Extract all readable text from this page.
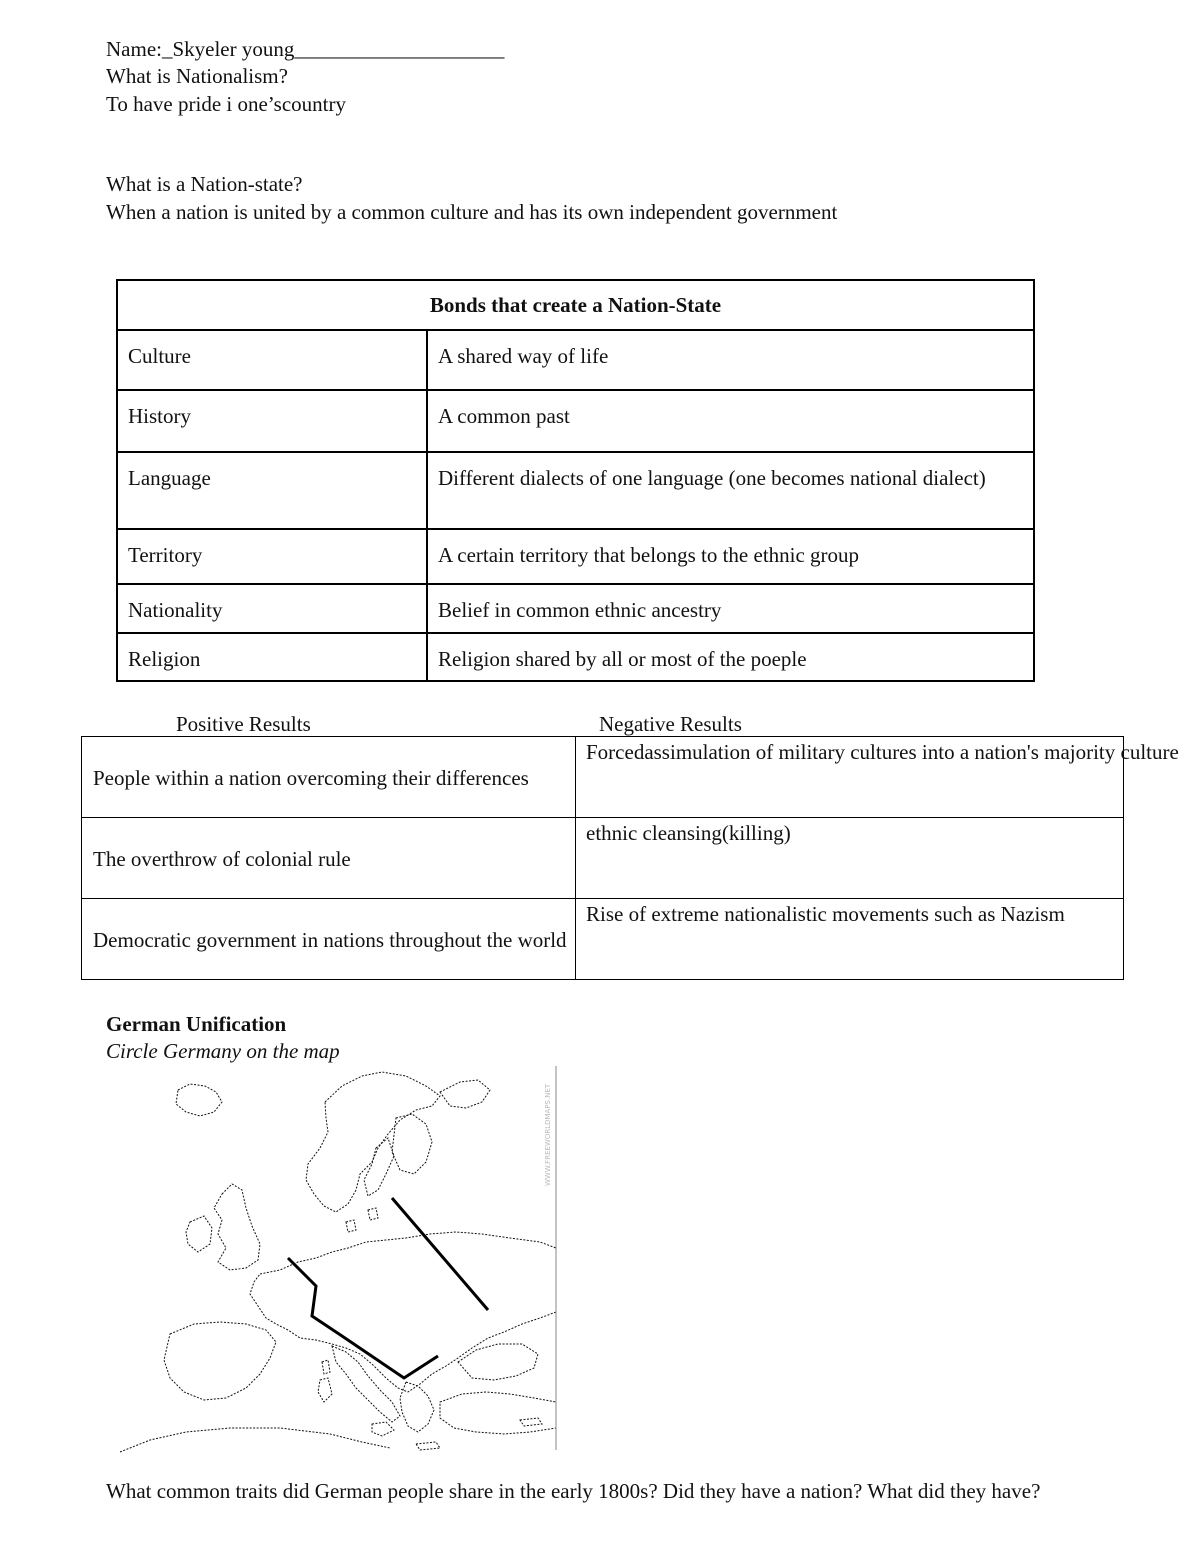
Name:_Skyeler young____________________
What is Nationalism?
To have pride i one’scountry
What is a Nation-state?
When a nation is united by a common culture and has its own independent government
Bonds that create a Nation-State	
Culture	A shared way of life
History	A common past
Language	Different dialects of one language (one becomes national dialect)
Territory	A certain territory that belongs to the ethnic group
Nationality	Belief in common ethnic ancestry
Religion	Religion shared by all or most of the poeple
Positive Results	Negative Results
People within a nation overcoming their differences	Forcedassimulation of military cultures into a nation's majority culture

The overthrow of colonial rule	ethnic cleansing(killing)

Democratic government in nations throughout the world	Rise of extreme nationalistic movements such as Nazism
German Unification
Circle Germany on the map
WWW.FREEWORLDMAPS.NET
What common traits did German people share in the early 1800s? Did they have a nation? What did they have?
